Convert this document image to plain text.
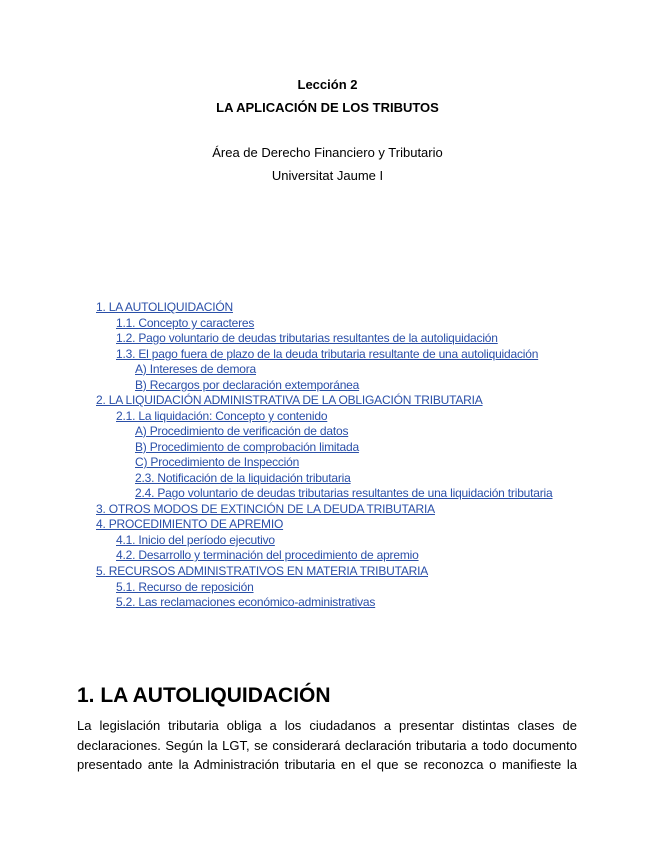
Lección 2
LA APLICACIÓN DE LOS TRIBUTOS
Área de Derecho Financiero y Tributario
Universitat Jaume I
1. LA AUTOLIQUIDACIÓN
1.1. Concepto y caracteres
1.2. Pago voluntario de deudas tributarias resultantes de la autoliquidación
1.3. El pago fuera de plazo de la deuda tributaria resultante de una autoliquidación
A) Intereses de demora
B) Recargos por declaración extemporánea
2. LA LIQUIDACIÓN ADMINISTRATIVA DE LA OBLIGACIÓN TRIBUTARIA
2.1. La liquidación: Concepto y contenido
A) Procedimiento de verificación de datos
B) Procedimiento de comprobación limitada
C) Procedimiento de Inspección
2.3. Notificación de la liquidación tributaria
2.4. Pago voluntario de deudas tributarias resultantes de una liquidación tributaria
3. OTROS MODOS DE EXTINCIÓN DE LA DEUDA TRIBUTARIA
4. PROCEDIMIENTO DE APREMIO
4.1. Inicio del período ejecutivo
4.2. Desarrollo y terminación del procedimiento de apremio
5. RECURSOS ADMINISTRATIVOS EN MATERIA TRIBUTARIA
5.1. Recurso de reposición
5.2. Las reclamaciones económico-administrativas
1. LA AUTOLIQUIDACIÓN
La legislación tributaria obliga a los ciudadanos a presentar distintas clases de
declaraciones. Según la LGT, se considerará declaración tributaria a todo documento
presentado ante la Administración tributaria en el que se reconozca o manifieste la
